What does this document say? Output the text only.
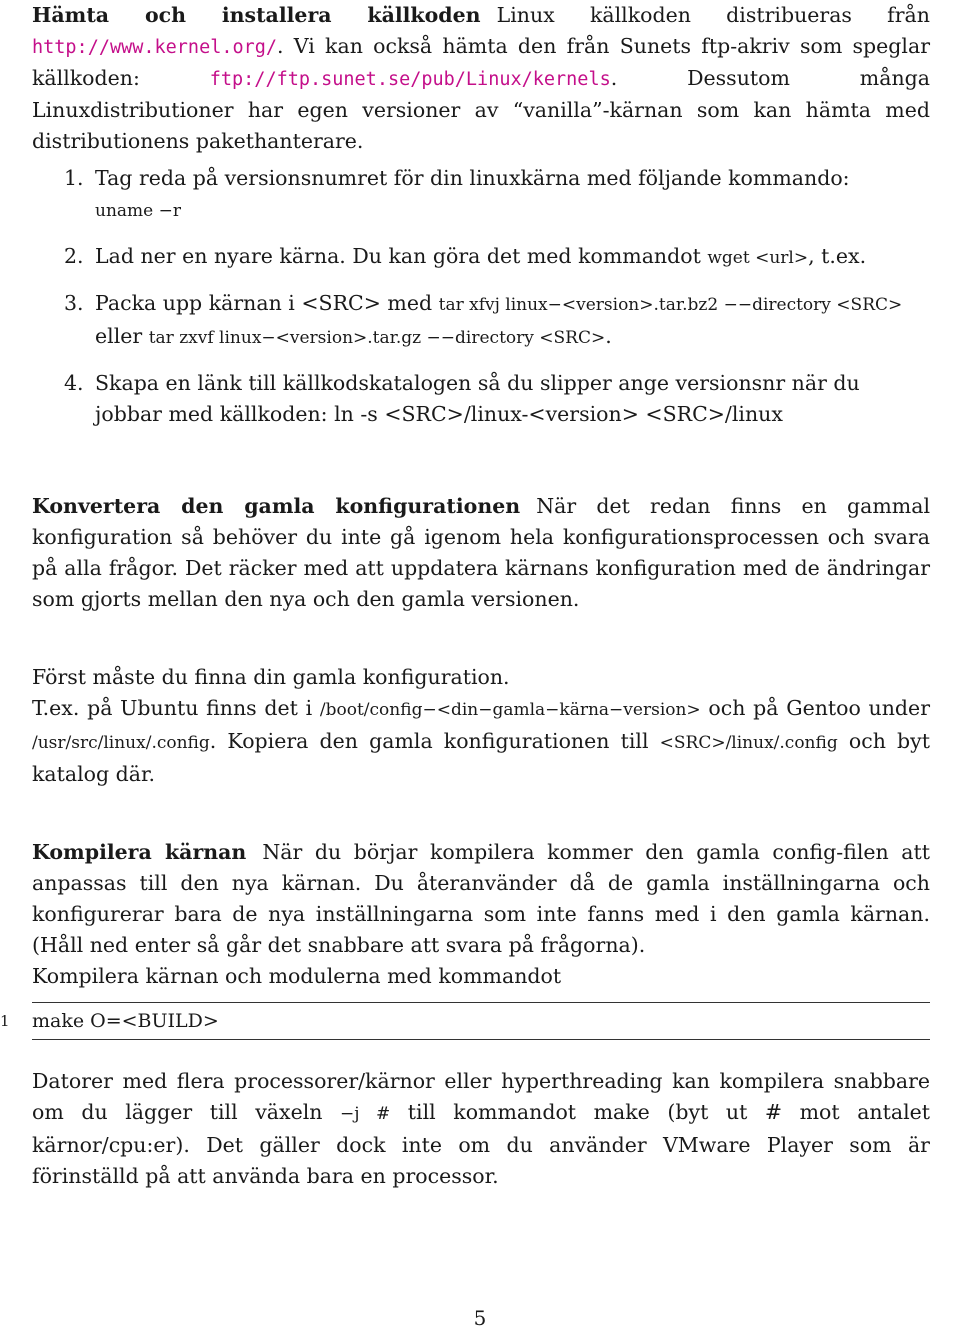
Hämta och installera källkoden Linux källkoden distribueras från http://www.kernel.org/. Vi kan också hämta den från Sunets ftp-akriv som speglar källkoden: ftp://ftp.sunet.se/pub/Linux/kernels. Dessutom många Linuxdistributioner har egen versioner av “vanilla”-kärnan som kan hämta med distributionens pakethanterare.

1. Tag reda på versionsnumret för din linuxkärna med följande kommando:
uname −r
2. Lad ner en nyare kärna. Du kan göra det med kommandot wget <url>, t.ex.
3. Packa upp kärnan i <SRC> med tar xfvj linux−<version>.tar.bz2 −−directory <SRC> eller tar zxvf linux−<version>.tar.gz −−directory <SRC>.
4. Skapa en länk till källkodskatalogen så du slipper ange versionsnr när du jobbar med källkoden: ln -s <SRC>/linux-<version> <SRC>/linux

Konvertera den gamla konfigurationen När det redan finns en gammal konfiguration så behöver du inte gå igenom hela konfigurationsprocessen och svara på alla frågor. Det räcker med att uppdatera kärnans konfiguration med de ändringar som gjorts mellan den nya och den gamla versionen.

Först måste du finna din gamla konfiguration.

T.ex. på Ubuntu finns det i /boot/config−<din−gamla−kärna−version> och på Gentoo under /usr/src/linux/.config. Kopiera den gamla konfigurationen till <SRC>/linux/.config och byt katalog där.

Kompilera kärnan När du börjar kompilera kommer den gamla config-filen att anpassas till den nya kärnan. Du återanvänder då de gamla inställningarna och konfigurerar bara de nya inställningarna som inte fanns med i den gamla kärnan. (Håll ned enter så går det snabbare att svara på frågorna).

Kompilera kärnan och modulerna med kommandot

1 make O=<BUILD>

Datorer med flera processorer/kärnor eller hyperthreading kan kompilera snabbare om du lägger till växeln −j # till kommandot make (byt ut # mot antalet kärnor/cpu:er). Det gäller dock inte om du använder VMware Player som är förinställd på att använda bara en processor.

5
